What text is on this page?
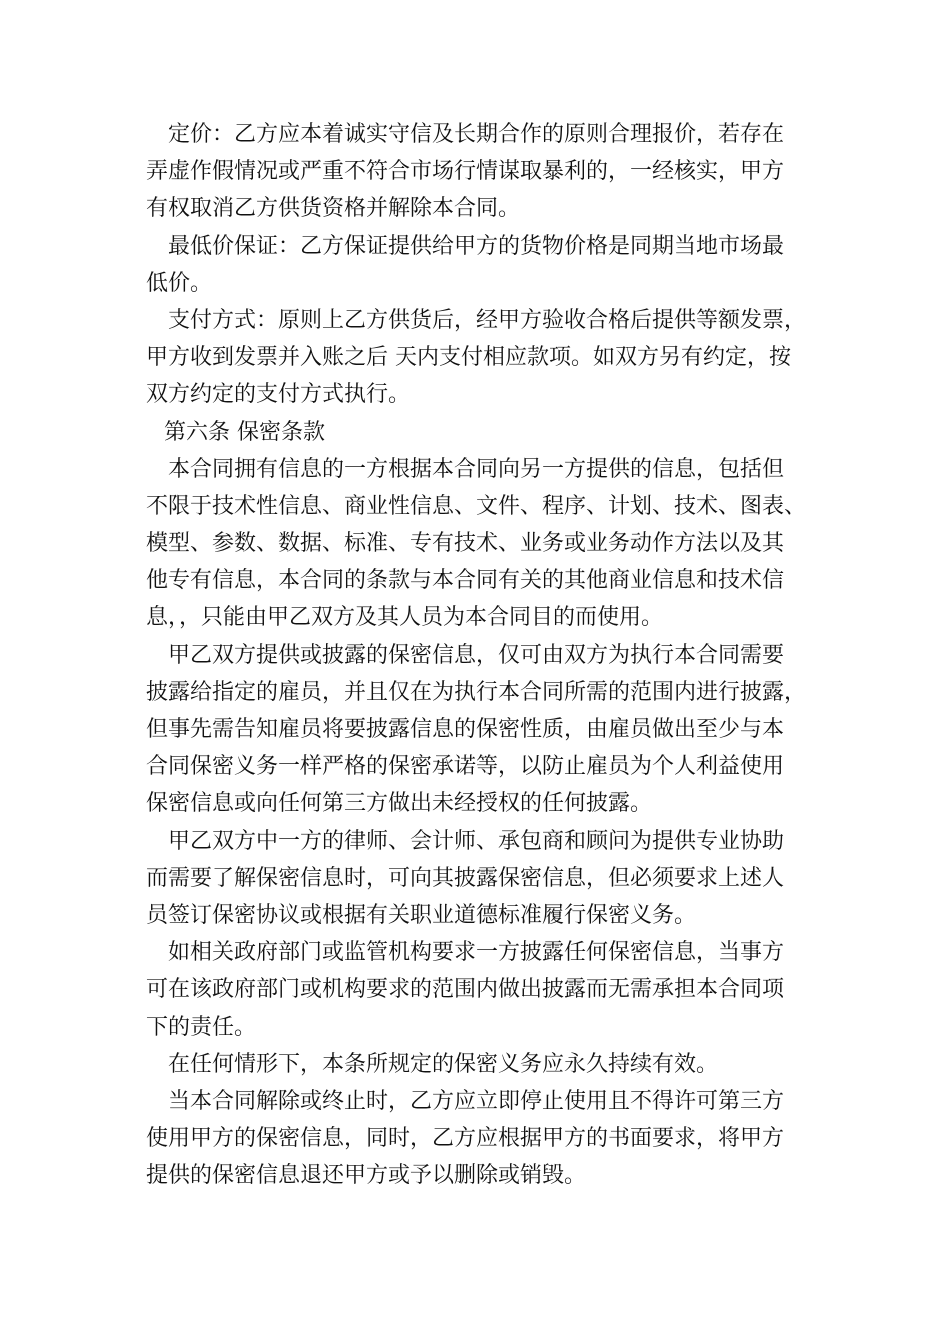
定价：乙方应本着诚实守信及长期合作的原则合理报价，若存在
弄虚作假情况或严重不符合市场行情谋取暴利的，一经核实，甲方
有权取消乙方供货资格并解除本合同。
最低价保证：乙方保证提供给甲方的货物价格是同期当地市场最
低价。
支付方式：原则上乙方供货后，经甲方验收合格后提供等额发票，
甲方收到发票并入账之后 天内支付相应款项。如双方另有约定，按
双方约定的支付方式执行。
第六条 保密条款
本合同拥有信息的一方根据本合同向另一方提供的信息，包括但
不限于技术性信息、商业性信息、文件、程序、计划、技术、图表、
模型、参数、数据、标准、专有技术、业务或业务动作方法以及其
他专有信息，本合同的条款与本合同有关的其他商业信息和技术信
息，，只能由甲乙双方及其人员为本合同目的而使用。
甲乙双方提供或披露的保密信息，仅可由双方为执行本合同需要
披露给指定的雇员，并且仅在为执行本合同所需的范围内进行披露，
但事先需告知雇员将要披露信息的保密性质，由雇员做出至少与本
合同保密义务一样严格的保密承诺等，以防止雇员为个人利益使用
保密信息或向任何第三方做出未经授权的任何披露。
甲乙双方中一方的律师、会计师、承包商和顾问为提供专业协助
而需要了解保密信息时，可向其披露保密信息，但必须要求上述人
员签订保密协议或根据有关职业道德标准履行保密义务。
如相关政府部门或监管机构要求一方披露任何保密信息，当事方
可在该政府部门或机构要求的范围内做出披露而无需承担本合同项
下的责任。
在任何情形下，本条所规定的保密义务应永久持续有效。
当本合同解除或终止时，乙方应立即停止使用且不得许可第三方
使用甲方的保密信息，同时，乙方应根据甲方的书面要求，将甲方
提供的保密信息退还甲方或予以删除或销毁。
